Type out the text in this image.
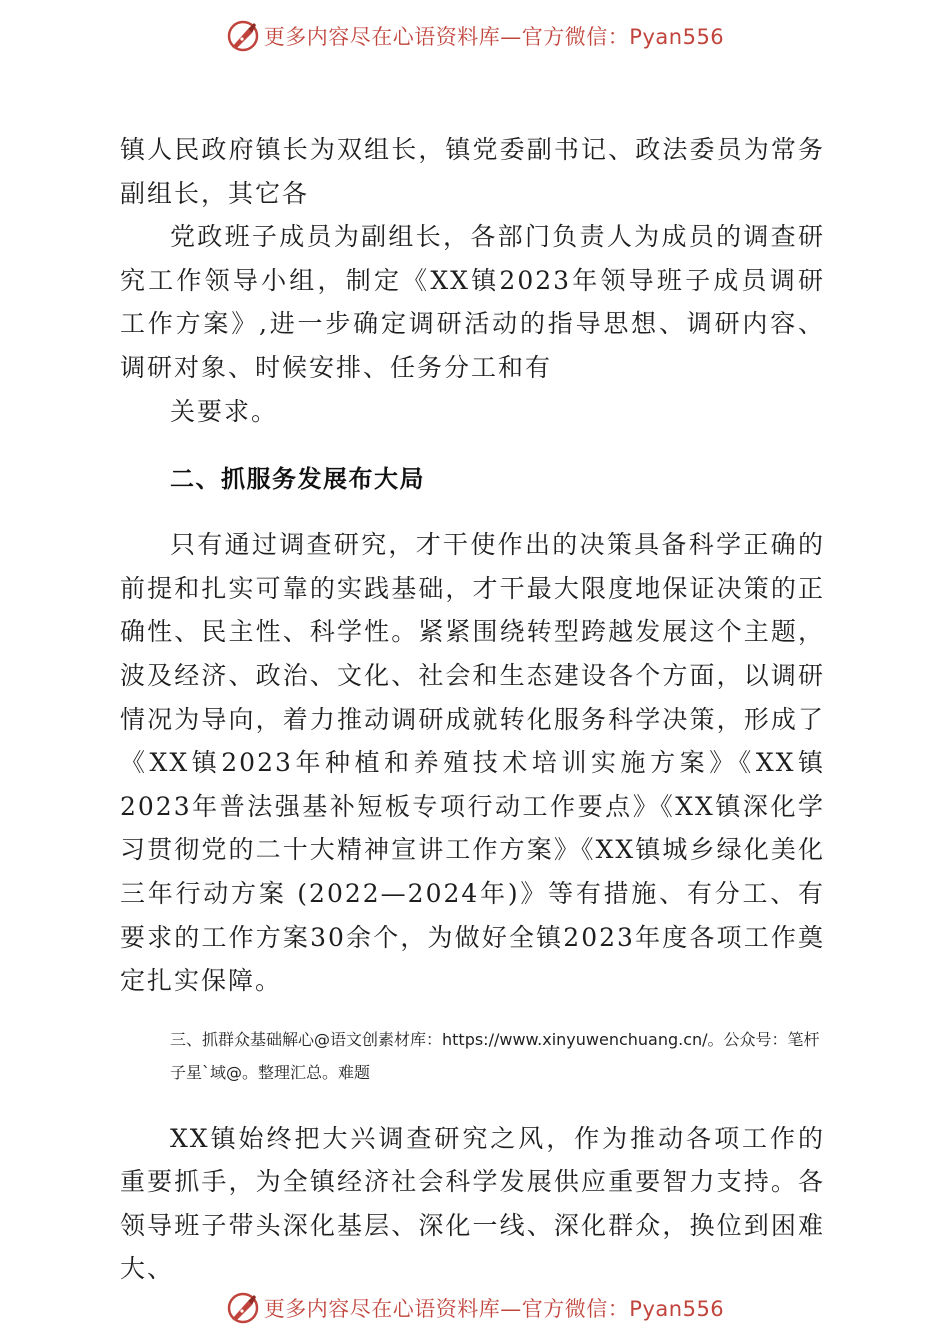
更多内容尽在心语资料库—官方微信：Pyan556

镇人民政府镇长为双组长，镇党委副书记、政法委员为常务副组长，其它各

党政班子成员为副组长，各部门负责人为成员的调查研究工作领导小组，制定《XX镇2023年领导班子成员调研工作方案》,进一步确定调研活动的指导思想、调研内容、调研对象、时候安排、任务分工和有

关要求。

二、抓服务发展布大局

只有通过调查研究，才干使作出的决策具备科学正确的前提和扎实可靠的实践基础，才干最大限度地保证决策的正确性、民主性、科学性。紧紧围绕转型跨越发展这个主题，波及经济、政治、文化、社会和生态建设各个方面，以调研情况为导向，着力推动调研成就转化服务科学决策，形成了《XX镇2023年种植和养殖技术培训实施方案》《XX镇2023年普法强基补短板专项行动工作要点》《XX镇深化学习贯彻党的二十大精神宣讲工作方案》《XX镇城乡绿化美化三年行动方案 (2022—2024年)》等有措施、有分工、有要求的工作方案30余个，为做好全镇2023年度各项工作奠定扎实保障。

三、抓群众基础解心@语文创素材库：https://www.xinyuwenchuang.cn/。公众号：笔杆子星`域@。整理汇总。难题

XX镇始终把大兴调查研究之风，作为推动各项工作的重要抓手，为全镇经济社会科学发展供应重要智力支持。各领导班子带头深化基层、深化一线、深化群众，换位到困难大、

更多内容尽在心语资料库—官方微信：Pyan556
